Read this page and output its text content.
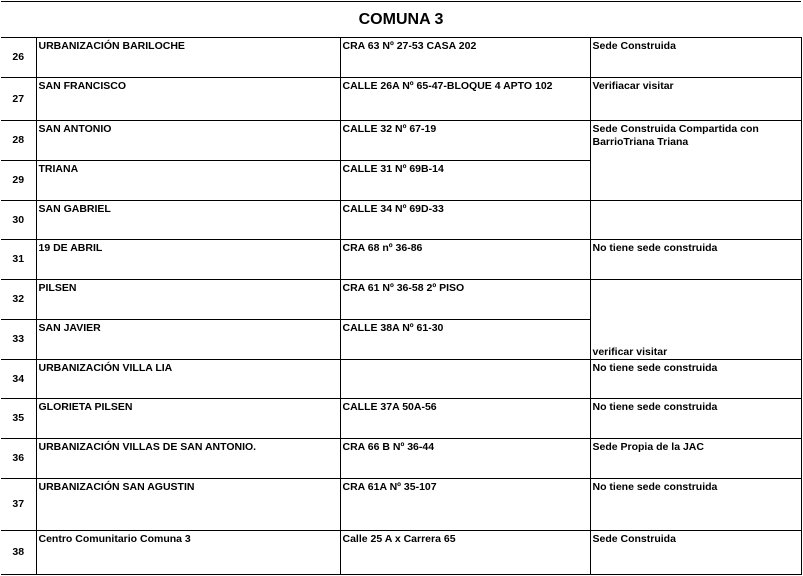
COMUNA 3			
26	URBANIZACIÓN BARILOCHE	CRA 63 Nº 27-53 CASA 202	Sede Construida
27	SAN FRANCISCO	CALLE 26A Nº 65-47-BLOQUE 4 APTO 102	Verifiacar visitar
28	SAN ANTONIO	CALLE 32 Nº 67-19	Sede Construida Compartida con BarrioTriana Triana
29	TRIANA	CALLE 31 Nº 69B-14	
30	SAN GABRIEL	CALLE 34 Nº 69D-33	
31	19 DE ABRIL	CRA 68 nº 36-86	No tiene sede construida
32	PILSEN	CRA 61 Nº 36-58 2º PISO	
33	SAN JAVIER	CALLE 38A Nº 61-30	verificar visitar
34	URBANIZACIÓN VILLA LIA		No tiene sede construida
35	GLORIETA PILSEN	CALLE 37A 50A-56	No tiene sede construida
36	URBANIZACIÓN VILLAS DE SAN ANTONIO.	CRA 66 B Nº 36-44	Sede Propia de la JAC
37	URBANIZACIÓN SAN AGUSTIN	CRA 61A Nº 35-107	No tiene sede construida
38	Centro Comunitario Comuna 3	Calle 25 A x Carrera 65	Sede Construida
